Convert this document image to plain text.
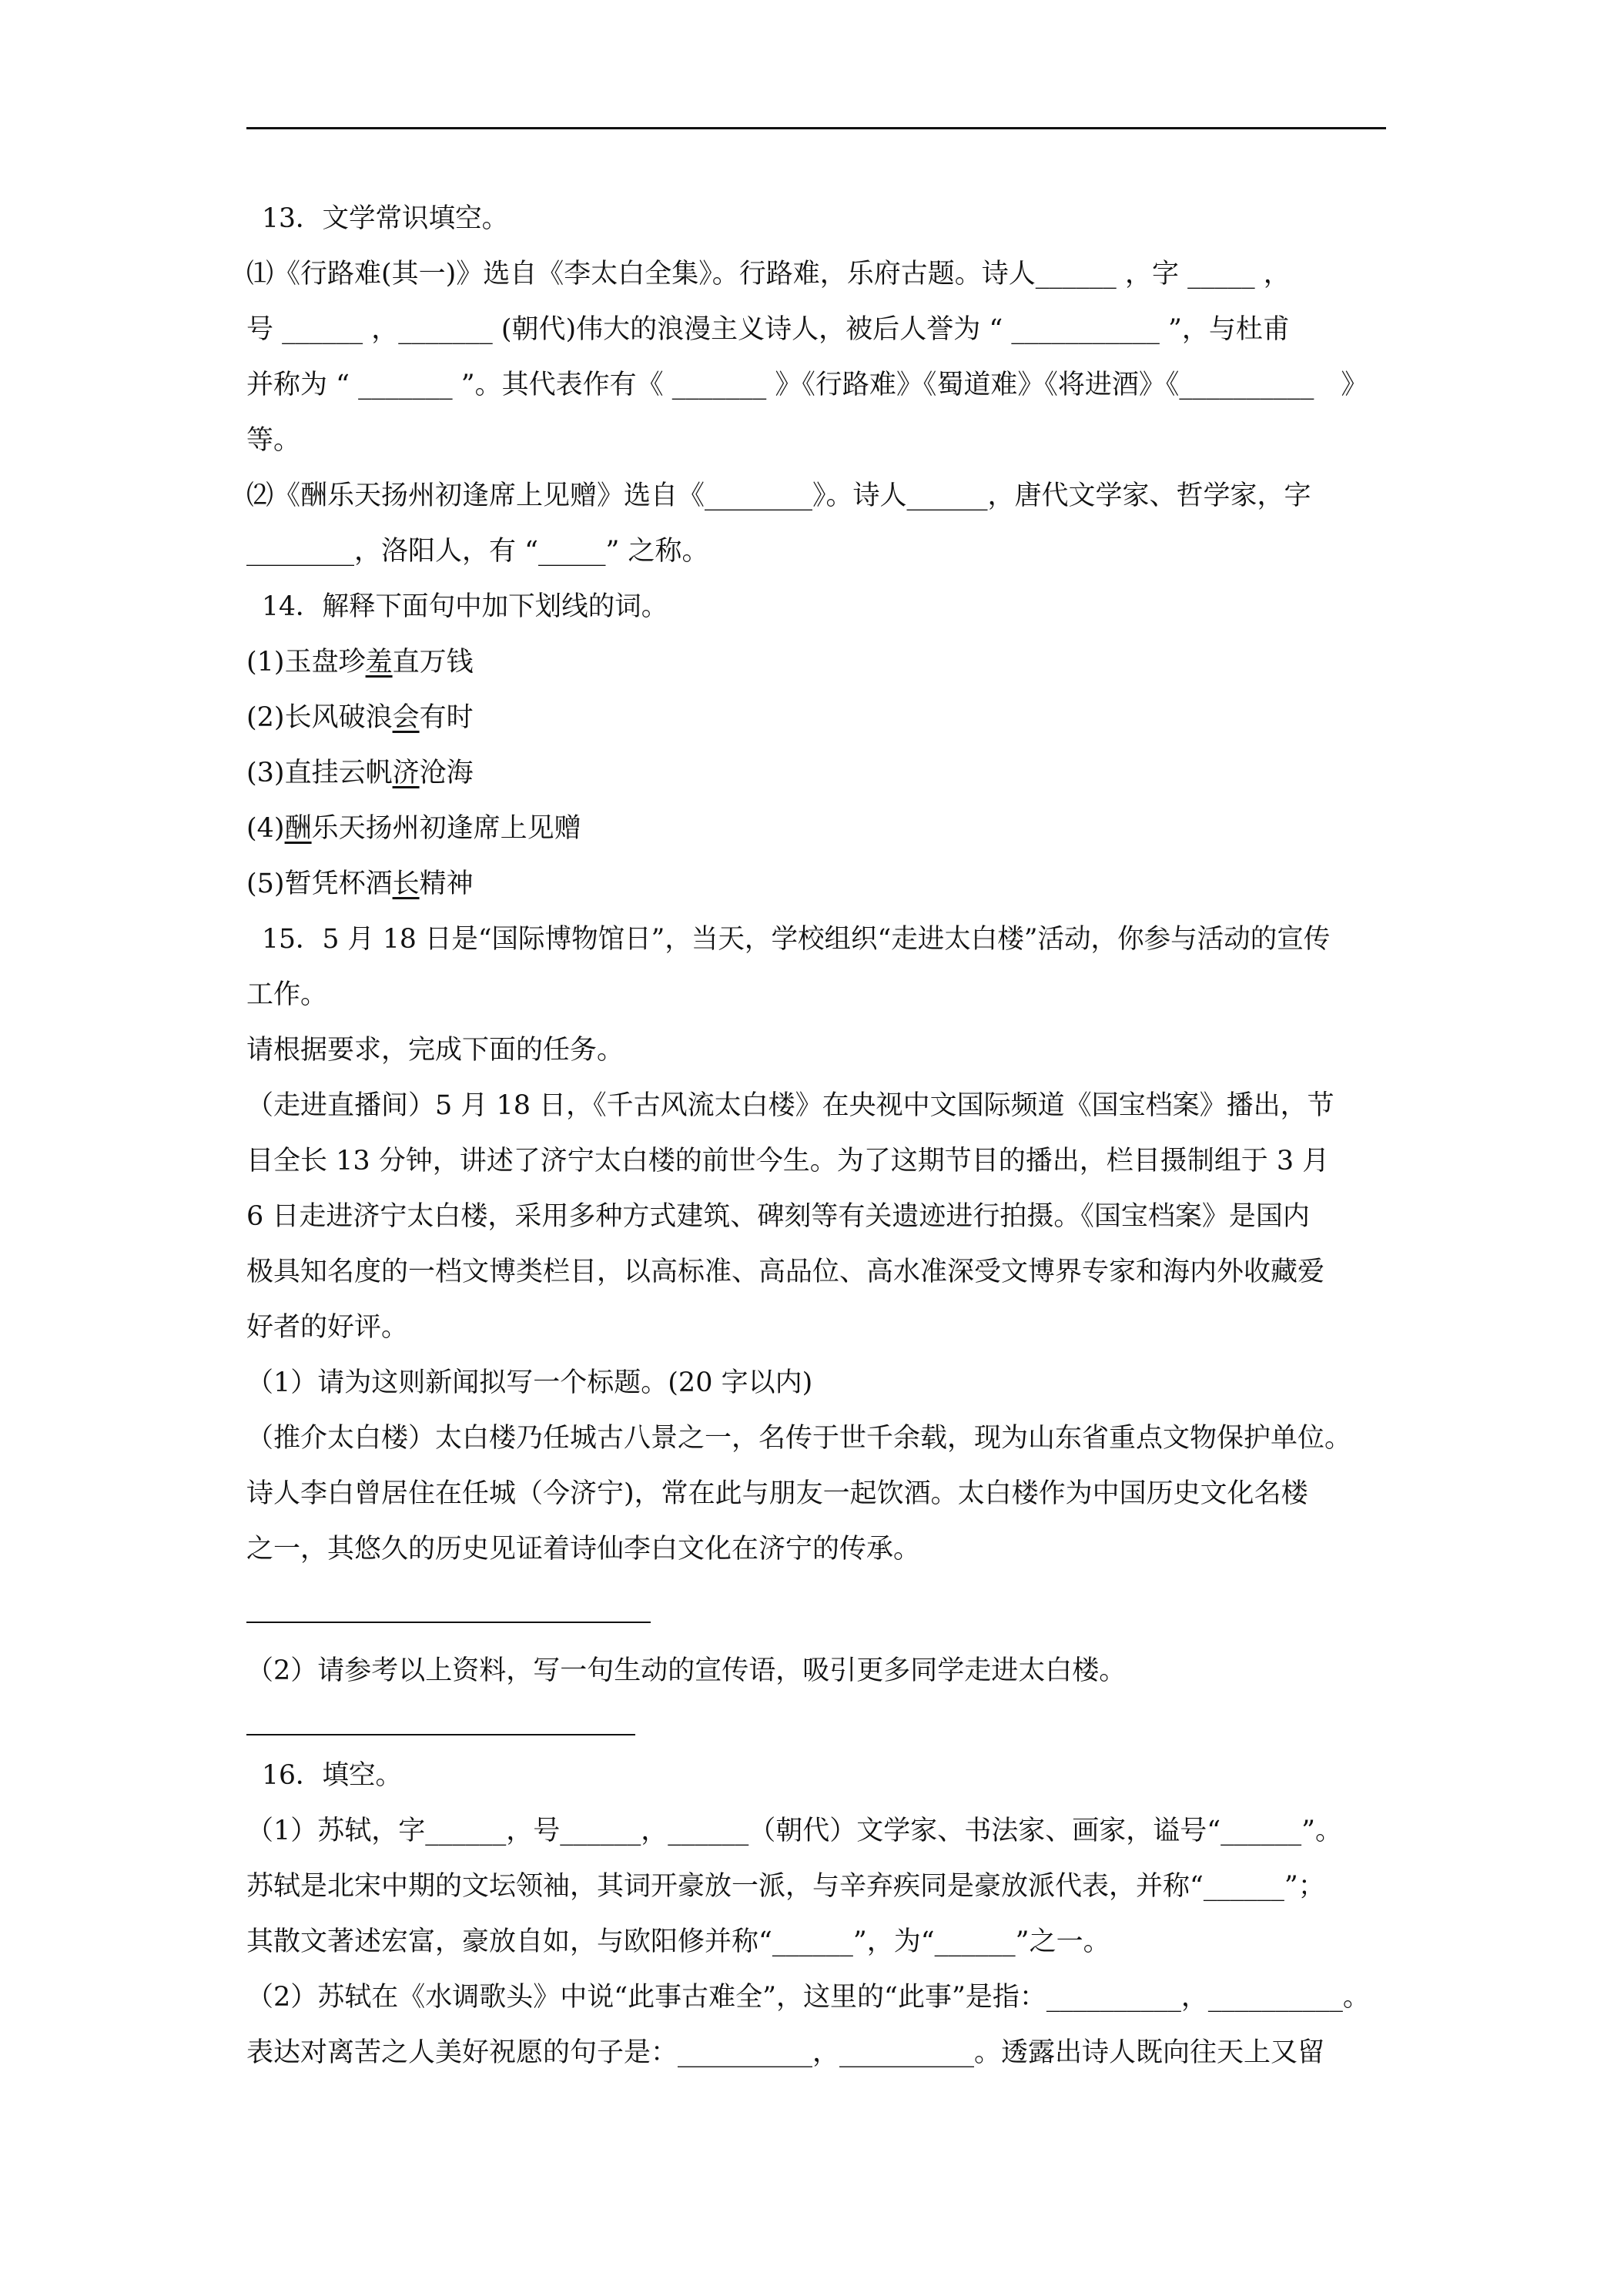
13．文学常识填空。
⑴《行路难(其一)》选自《李太白全集》。行路难，乐府古题。诗人______ ，字 _____ ，
号 ______ ，_______ (朝代)伟大的浪漫主义诗人，被后人誉为 “ ___________ ”，与杜甫
并称为 “ _______ ”。其代表作有《 _______ 》《行路难》《蜀道难》《将进酒》《__________　》
等。
⑵《酬乐天扬州初逢席上见赠》选自《________》。诗人______，唐代文学家、哲学家，字
________，洛阳人，有 “_____” 之称。
14．解释下面句中加下划线的词。
(1)玉盘珍羞直万钱
(2)长风破浪会有时
(3)直挂云帆济沧海
(4)酬乐天扬州初逢席上见赠
(5)暂凭杯酒长精神
15．5 月 18 日是“国际博物馆日”，当天，学校组织“走进太白楼”活动，你参与活动的宣传
工作。
请根据要求，完成下面的任务。
（走进直播间）5 月 18 日，《千古风流太白楼》在央视中文国际频道《国宝档案》播出，节
目全长 13 分钟，讲述了济宁太白楼的前世今生。为了这期节目的播出，栏目摄制组于 3 月
6 日走进济宁太白楼，采用多种方式建筑、碑刻等有关遗迹进行拍摄。《国宝档案》是国内
极具知名度的一档文博类栏目，以高标准、高品位、高水准深受文博界专家和海内外收藏爱
好者的好评。
（1）请为这则新闻拟写一个标题。(20 字以内)
（推介太白楼）太白楼乃任城古八景之一，名传于世千余载，现为山东省重点文物保护单位。
诗人李白曾居住在任城（今济宁)，常在此与朋友一起饮酒。太白楼作为中国历史文化名楼
之一，其悠久的历史见证着诗仙李白文化在济宁的传承。
（2）请参考以上资料，写一句生动的宣传语，吸引更多同学走进太白楼。
16．填空。
（1）苏轼，字______，号______，______（朝代）文学家、书法家、画家，谥号“______”。
苏轼是北宋中期的文坛领袖，其词开豪放一派，与辛弃疾同是豪放派代表，并称“______”；
其散文著述宏富，豪放自如，与欧阳修并称“______”，为“______”之一。
（2）苏轼在《水调歌头》中说“此事古难全”，这里的“此事”是指：__________，__________。
表达对离苦之人美好祝愿的句子是：__________，__________。透露出诗人既向往天上又留
